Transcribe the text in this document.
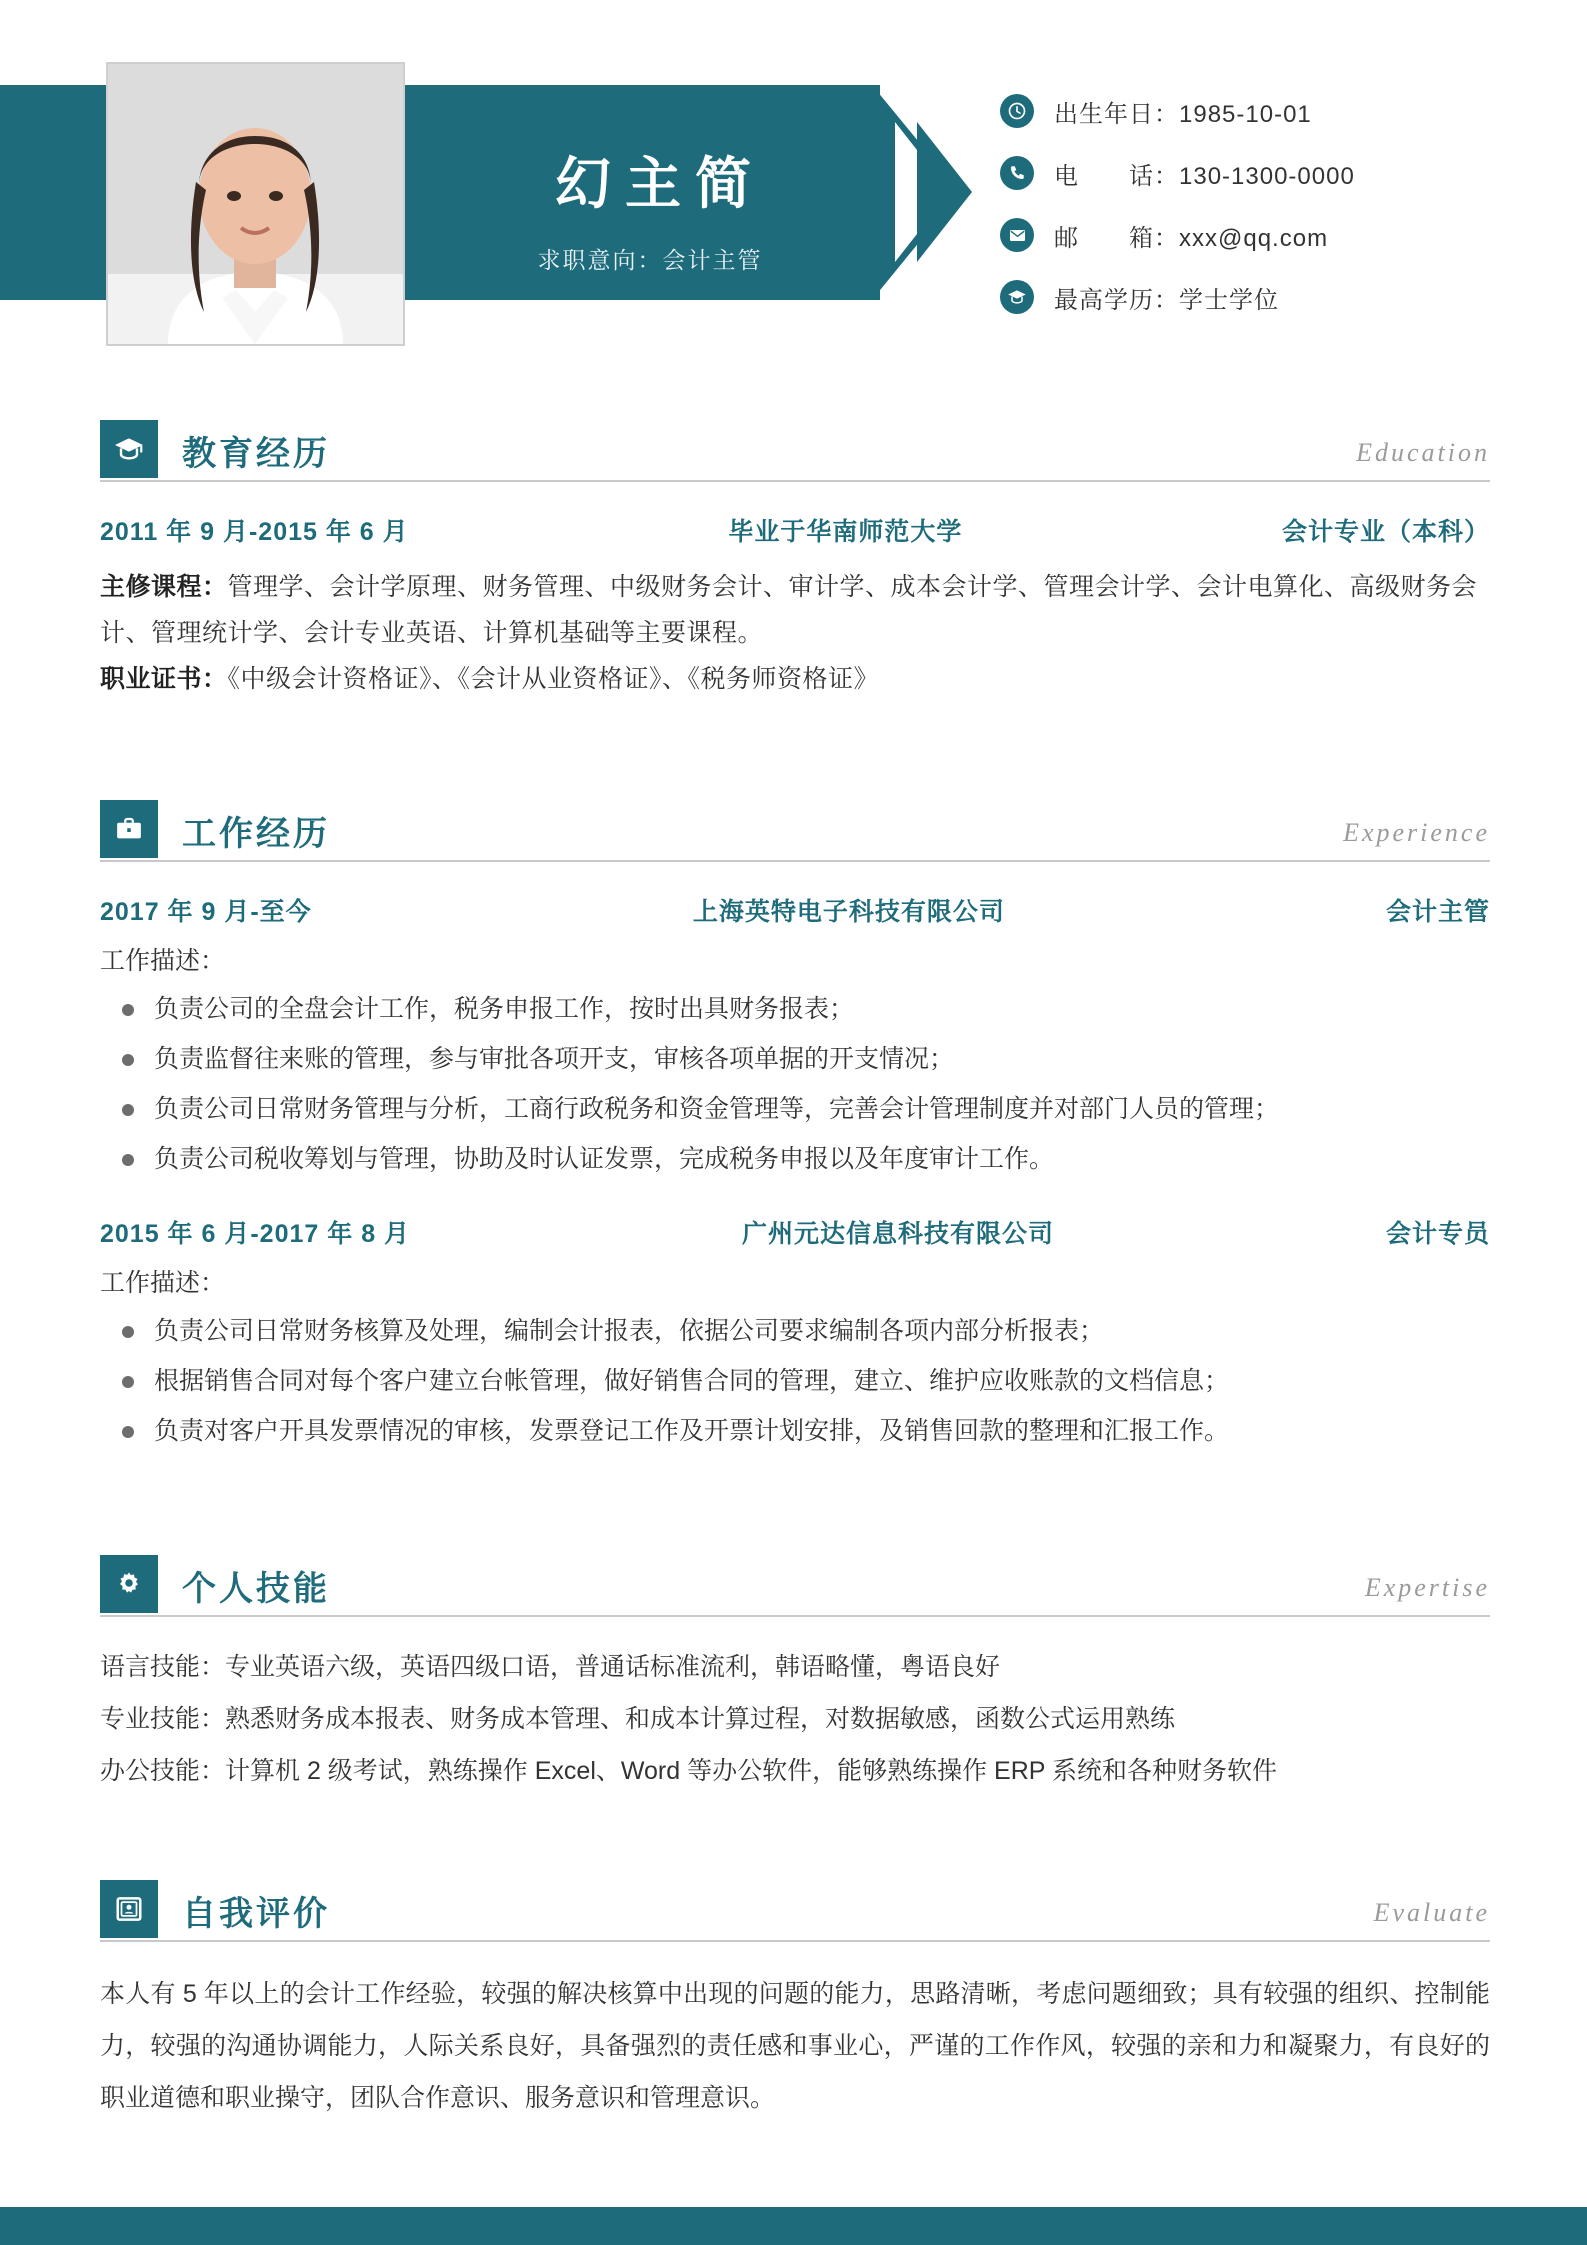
幻主简
求职意向：会计主管
出生年日：1985-10-01
电　　话：130-1300-0000
邮　　箱：xxx@qq.com
最高学历：学士学位
教育经历	Education
2011 年 9 月-2015 年 6 月	毕业于华南师范大学	会计专业（本科）
主修课程：管理学、会计学原理、财务管理、中级财务会计、审计学、成本会计学、管理会计学、会计电算化、高级财务会计、管理统计学、会计专业英语、计算机基础等主要课程。
职业证书：《中级会计资格证》、《会计从业资格证》、《税务师资格证》
工作经历	Experience
2017 年 9 月-至今	上海英特电子科技有限公司	会计主管
工作描述：
负责公司的全盘会计工作，税务申报工作，按时出具财务报表；
负责监督往来账的管理，参与审批各项开支，审核各项单据的开支情况；
负责公司日常财务管理与分析，工商行政税务和资金管理等，完善会计管理制度并对部门人员的管理；
负责公司税收筹划与管理，协助及时认证发票，完成税务申报以及年度审计工作。
2015 年 6 月-2017 年 8 月	广州元达信息科技有限公司	会计专员
工作描述：
负责公司日常财务核算及处理，编制会计报表，依据公司要求编制各项内部分析报表；
根据销售合同对每个客户建立台帐管理，做好销售合同的管理，建立、维护应收账款的文档信息；
负责对客户开具发票情况的审核，发票登记工作及开票计划安排，及销售回款的整理和汇报工作。
个人技能	Expertise
语言技能：专业英语六级，英语四级口语，普通话标准流利，韩语略懂，粤语良好
专业技能：熟悉财务成本报表、财务成本管理、和成本计算过程，对数据敏感，函数公式运用熟练
办公技能：计算机 2 级考试，熟练操作 Excel、Word 等办公软件，能够熟练操作 ERP 系统和各种财务软件
自我评价	Evaluate
本人有 5 年以上的会计工作经验，较强的解决核算中出现的问题的能力，思路清晰，考虑问题细致；具有较强的组织、控制能力，较强的沟通协调能力，人际关系良好，具备强烈的责任感和事业心，严谨的工作作风，较强的亲和力和凝聚力，有良好的职业道德和职业操守，团队合作意识、服务意识和管理意识。
